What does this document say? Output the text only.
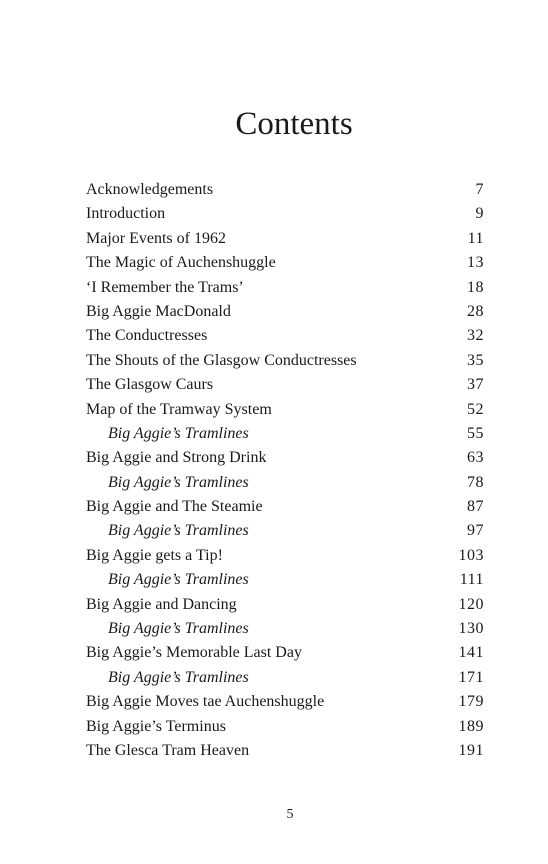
Contents
Acknowledgements	7
Introduction	9
Major Events of 1962	11
The Magic of Auchenshuggle	13
‘I Remember the Trams’	18
Big Aggie MacDonald	28
The Conductresses	32
The Shouts of the Glasgow Conductresses	35
The Glasgow Caurs	37
Map of the Tramway System	52
Big Aggie’s Tramlines	55
Big Aggie and Strong Drink	63
Big Aggie’s Tramlines	78
Big Aggie and The Steamie	87
Big Aggie’s Tramlines	97
Big Aggie gets a Tip!	103
Big Aggie’s Tramlines	111
Big Aggie and Dancing	120
Big Aggie’s Tramlines	130
Big Aggie’s Memorable Last Day	141
Big Aggie’s Tramlines	171
Big Aggie Moves tae Auchenshuggle	179
Big Aggie’s Terminus	189
The Glesca Tram Heaven	191
5
